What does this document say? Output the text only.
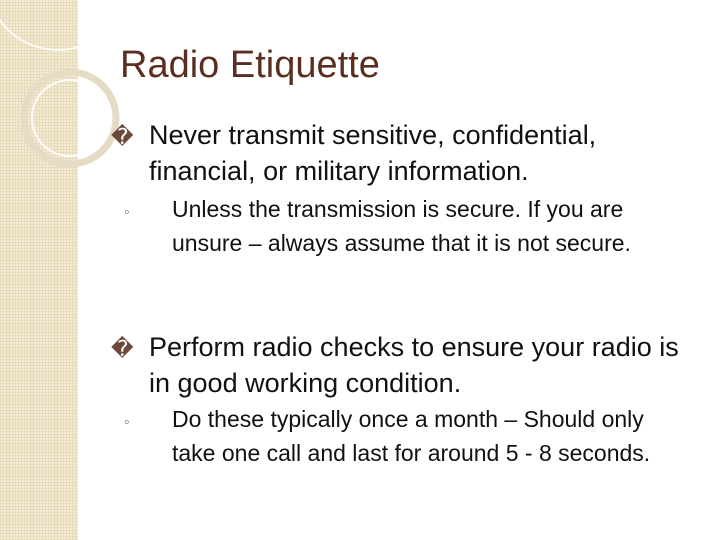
Radio Etiquette
� Never transmit sensitive, confidential, financial, or military information.
◦ Unless the transmission is secure. If you are unsure – always assume that it is not secure.
� Perform radio checks to ensure your radio is in good working condition.
◦ Do these typically once a month – Should only take one call and last for around 5 - 8 seconds.
